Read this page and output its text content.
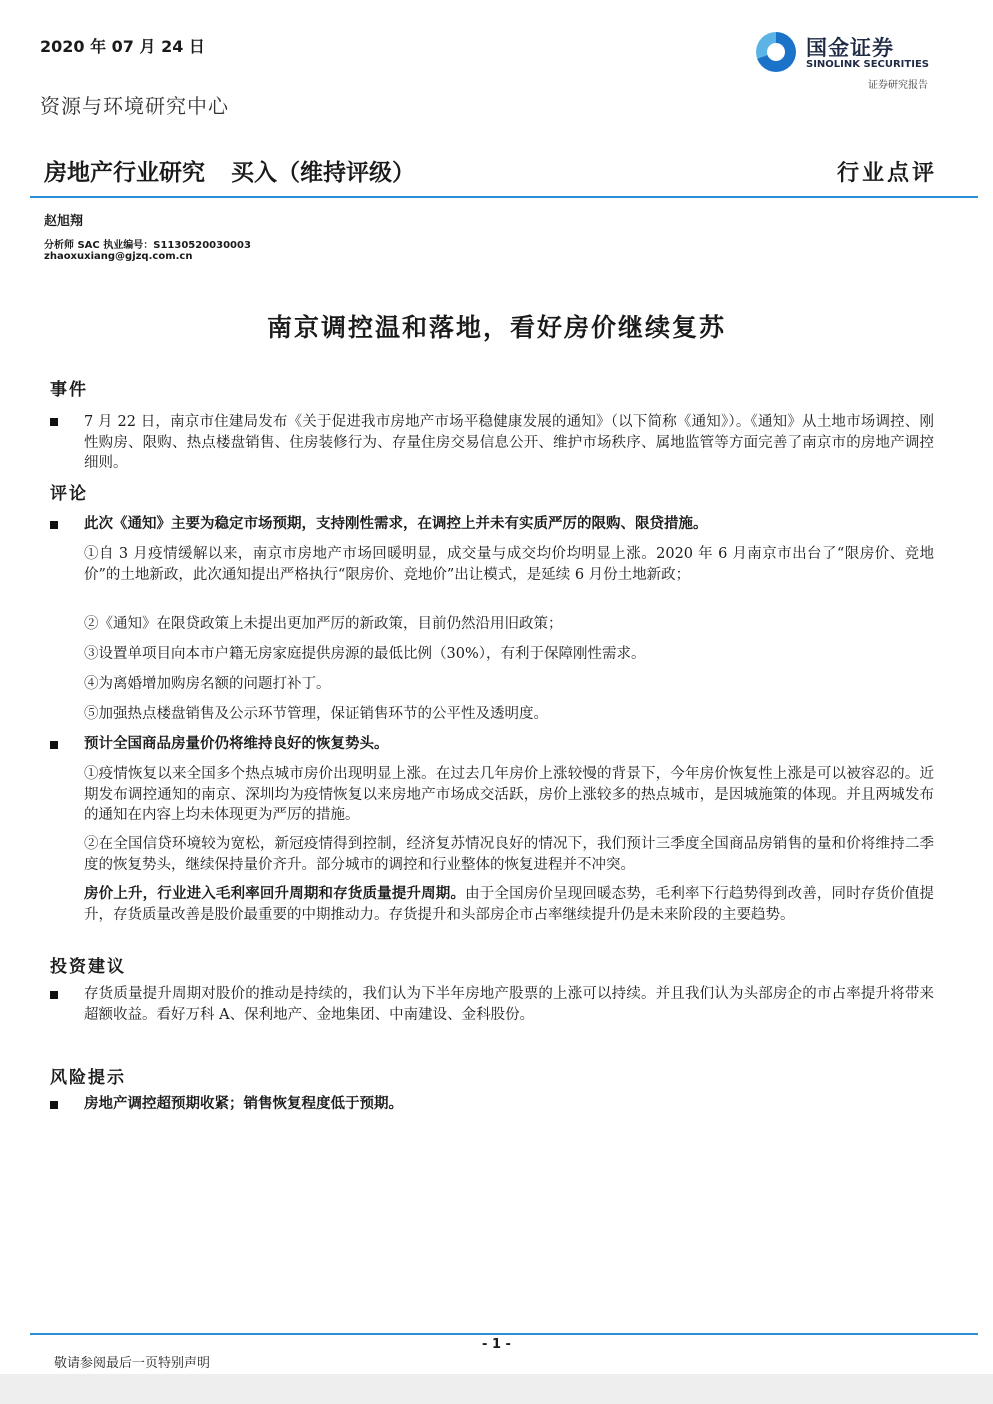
2020 年 07 月 24 日
资源与环境研究中心
国金证券
SINOLINK SECURITIES
证券研究报告
房地产行业研究 买入（维持评级）	行业点评
赵旭翔
分析师 SAC 执业编号：S1130520030003
zhaoxuxiang@gjzq.com.cn
南京调控温和落地，看好房价继续复苏
事件
7 月 22 日，南京市住建局发布《关于促进我市房地产市场平稳健康发展的通知》（以下简称《通知》）。《通知》从土地市场调控、刚性购房、限购、热点楼盘销售、住房装修行为、存量住房交易信息公开、维护市场秩序、属地监管等方面完善了南京市的房地产调控细则。
评论
此次《通知》主要为稳定市场预期，支持刚性需求，在调控上并未有实质严厉的限购、限贷措施。
①自 3 月疫情缓解以来，南京市房地产市场回暖明显，成交量与成交均价均明显上涨。2020 年 6 月南京市出台了“限房价、竞地价”的土地新政，此次通知提出严格执行“限房价、竞地价”出让模式，是延续 6 月份土地新政；
②《通知》在限贷政策上未提出更加严厉的新政策，目前仍然沿用旧政策；
③设置单项目向本市户籍无房家庭提供房源的最低比例（30%），有利于保障刚性需求。
④为离婚增加购房名额的问题打补丁。
⑤加强热点楼盘销售及公示环节管理，保证销售环节的公平性及透明度。
预计全国商品房量价仍将维持良好的恢复势头。
①疫情恢复以来全国多个热点城市房价出现明显上涨。在过去几年房价上涨较慢的背景下，今年房价恢复性上涨是可以被容忍的。近期发布调控通知的南京、深圳均为疫情恢复以来房地产市场成交活跃，房价上涨较多的热点城市，是因城施策的体现。并且两城发布的通知在内容上均未体现更为严厉的措施。
②在全国信贷环境较为宽松，新冠疫情得到控制，经济复苏情况良好的情况下，我们预计三季度全国商品房销售的量和价将维持二季度的恢复势头，继续保持量价齐升。部分城市的调控和行业整体的恢复进程并不冲突。
房价上升，行业进入毛利率回升周期和存货质量提升周期。由于全国房价呈现回暖态势，毛利率下行趋势得到改善，同时存货价值提升，存货质量改善是股价最重要的中期推动力。存货提升和头部房企市占率继续提升仍是未来阶段的主要趋势。
投资建议
存货质量提升周期对股价的推动是持续的，我们认为下半年房地产股票的上涨可以持续。并且我们认为头部房企的市占率提升将带来超额收益。看好万科 A、保利地产、金地集团、中南建设、金科股份。
风险提示
房地产调控超预期收紧；销售恢复程度低于预期。
- 1 -
敬请参阅最后一页特别声明
